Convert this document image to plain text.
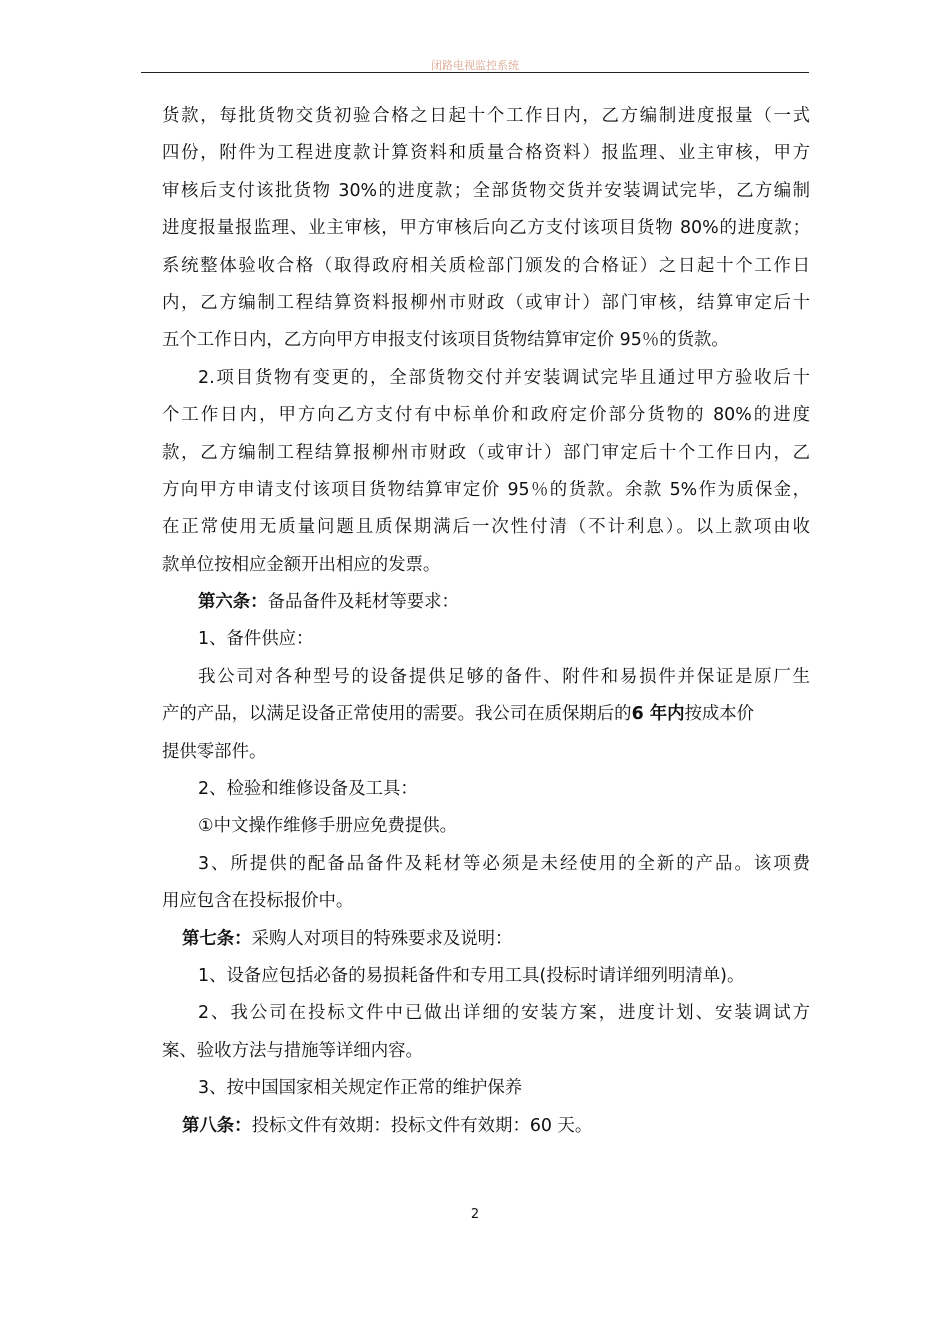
闭路电视监控系统
货款，每批货物交货初验合格之日起十个工作日内，乙方编制进度报量（一式
四份，附件为工程进度款计算资料和质量合格资料）报监理、业主审核，甲方
审核后支付该批货物 30%的进度款；全部货物交货并安装调试完毕，乙方编制
进度报量报监理、业主审核，甲方审核后向乙方支付该项目货物 80%的进度款；
系统整体验收合格（取得政府相关质检部门颁发的合格证）之日起十个工作日
内，乙方编制工程结算资料报柳州市财政（或审计）部门审核，结算审定后十
五个工作日内，乙方向甲方申报支付该项目货物结算审定价 95％的货款。
2.项目货物有变更的，全部货物交付并安装调试完毕且通过甲方验收后十
个工作日内，甲方向乙方支付有中标单价和政府定价部分货物的 80%的进度
款，乙方编制工程结算报柳州市财政（或审计）部门审定后十个工作日内，乙
方向甲方申请支付该项目货物结算审定价 95％的货款。余款 5%作为质保金，
在正常使用无质量问题且质保期满后一次性付清（不计利息）。以上款项由收
款单位按相应金额开出相应的发票。
第六条：备品备件及耗材等要求：
1、备件供应：
我公司对各种型号的设备提供足够的备件、附件和易损件并保证是原厂生
产的产品，以满足设备正常使用的需要。我公司在质保期后的6 年内按成本价
提供零部件。
2、检验和维修设备及工具：
①中文操作维修手册应免费提供。
3、所提供的配备品备件及耗材等必须是未经使用的全新的产品。该项费
用应包含在投标报价中。
第七条：采购人对项目的特殊要求及说明：
1、设备应包括必备的易损耗备件和专用工具(投标时请详细列明清单)。
2、我公司在投标文件中已做出详细的安装方案，进度计划、安装调试方
案、验收方法与措施等详细内容。
3、按中国国家相关规定作正常的维护保养
第八条：投标文件有效期：投标文件有效期：60 天。
2
